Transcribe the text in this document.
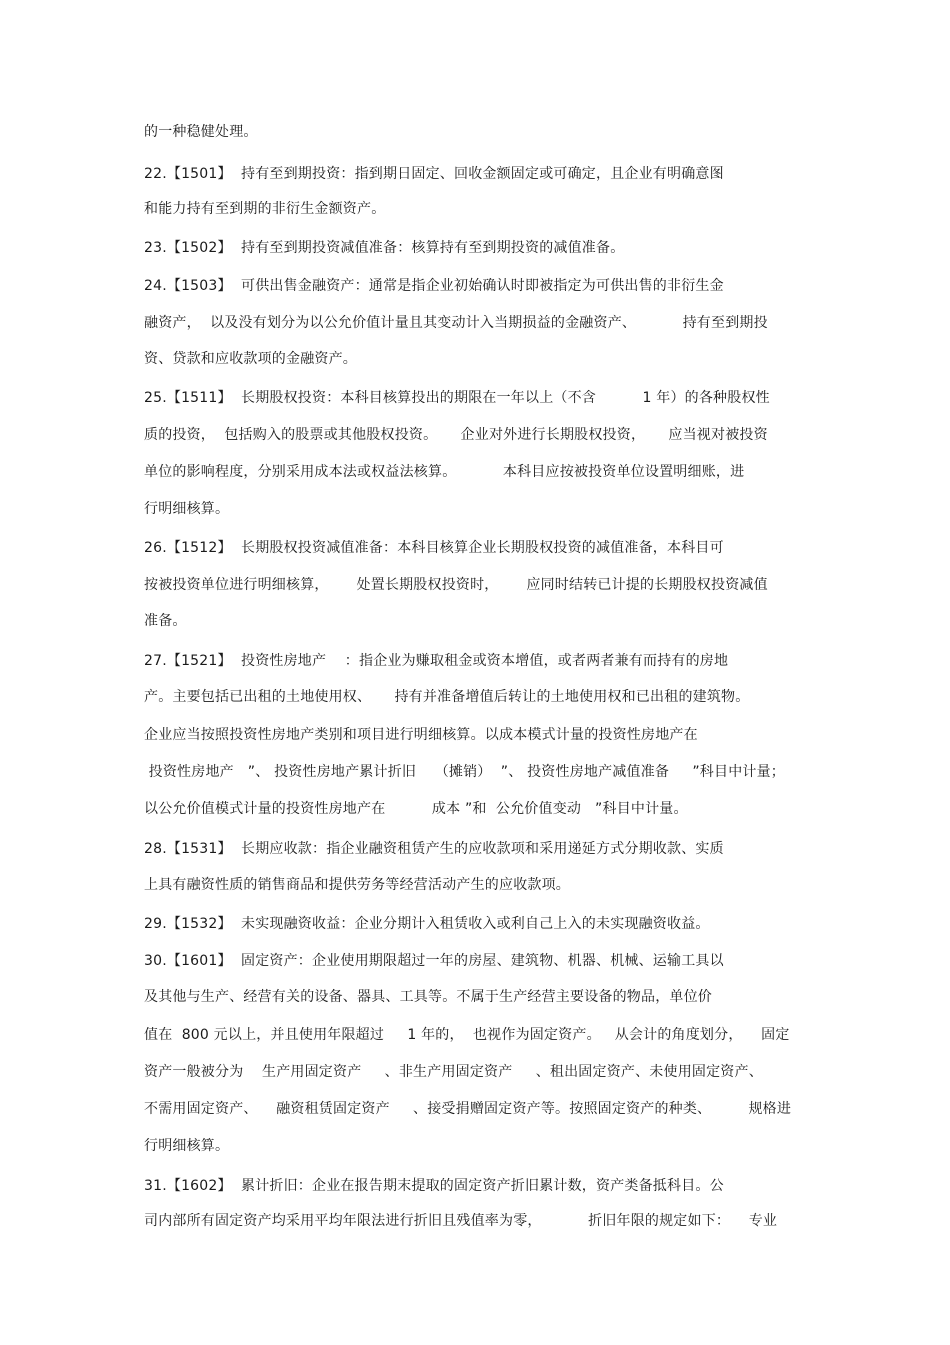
的一种稳健处理。
22.【1501】  持有至到期投资：指到期日固定、回收金额固定或可确定，且企业有明确意图
和能力持有至到期的非衍生金额资产。
23.【1502】  持有至到期投资减值准备：核算持有至到期投资的减值准备。
24.【1503】  可供出售金融资产：通常是指企业初始确认时即被指定为可供出售的非衍生金
融资产，  以及没有划分为以公允价值计量且其变动计入当期损益的金融资产、          持有至到期投
资、贷款和应收款项的金融资产。
25.【1511】  长期股权投资：本科目核算投出的期限在一年以上（不含          1 年）的各种股权性
质的投资，  包括购入的股票或其他股权投资。     企业对外进行长期股权投资，     应当视对被投资
单位的影响程度，分别采用成本法或权益法核算。          本科目应按被投资单位设置明细账，进
行明细核算。
26.【1512】  长期股权投资减值准备：本科目核算企业长期股权投资的减值准备，本科目可
按被投资单位进行明细核算，      处置长期股权投资时，      应同时结转已计提的长期股权投资减值
准备。
27.【1521】  投资性房地产    ：指企业为赚取租金或资本增值，或者两者兼有而持有的房地
产。主要包括已出租的土地使用权、     持有并准备增值后转让的土地使用权和已出租的建筑物。
企业应当按照投资性房地产类别和项目进行明细核算。以成本模式计量的投资性房地产在
投资性房地产   ”、 投资性房地产累计折旧    （摊销）  ”、 投资性房地产减值准备     ”科目中计量；
以公允价值模式计量的投资性房地产在          成本 ”和  公允价值变动   ”科目中计量。
28.【1531】  长期应收款：指企业融资租赁产生的应收款项和采用递延方式分期收款、实质
上具有融资性质的销售商品和提供劳务等经营活动产生的应收款项。
29.【1532】  未实现融资收益：企业分期计入租赁收入或利自己上入的未实现融资收益。
30.【1601】  固定资产：企业使用期限超过一年的房屋、建筑物、机器、机械、运输工具以
及其他与生产、经营有关的设备、器具、工具等。不属于生产经营主要设备的物品，单位价
值在  800 元以上，并且使用年限超过     1 年的，  也视作为固定资产。   从会计的角度划分，    固定
资产一般被分为    生产用固定资产     、非生产用固定资产     、租出固定资产、未使用固定资产、
不需用固定资产、    融资租赁固定资产     、接受捐赠固定资产等。按照固定资产的种类、        规格进
行明细核算。
31.【1602】  累计折旧：企业在报告期末提取的固定资产折旧累计数，资产类备抵科目。公
司内部所有固定资产均采用平均年限法进行折旧且残值率为零，          折旧年限的规定如下：    专业
